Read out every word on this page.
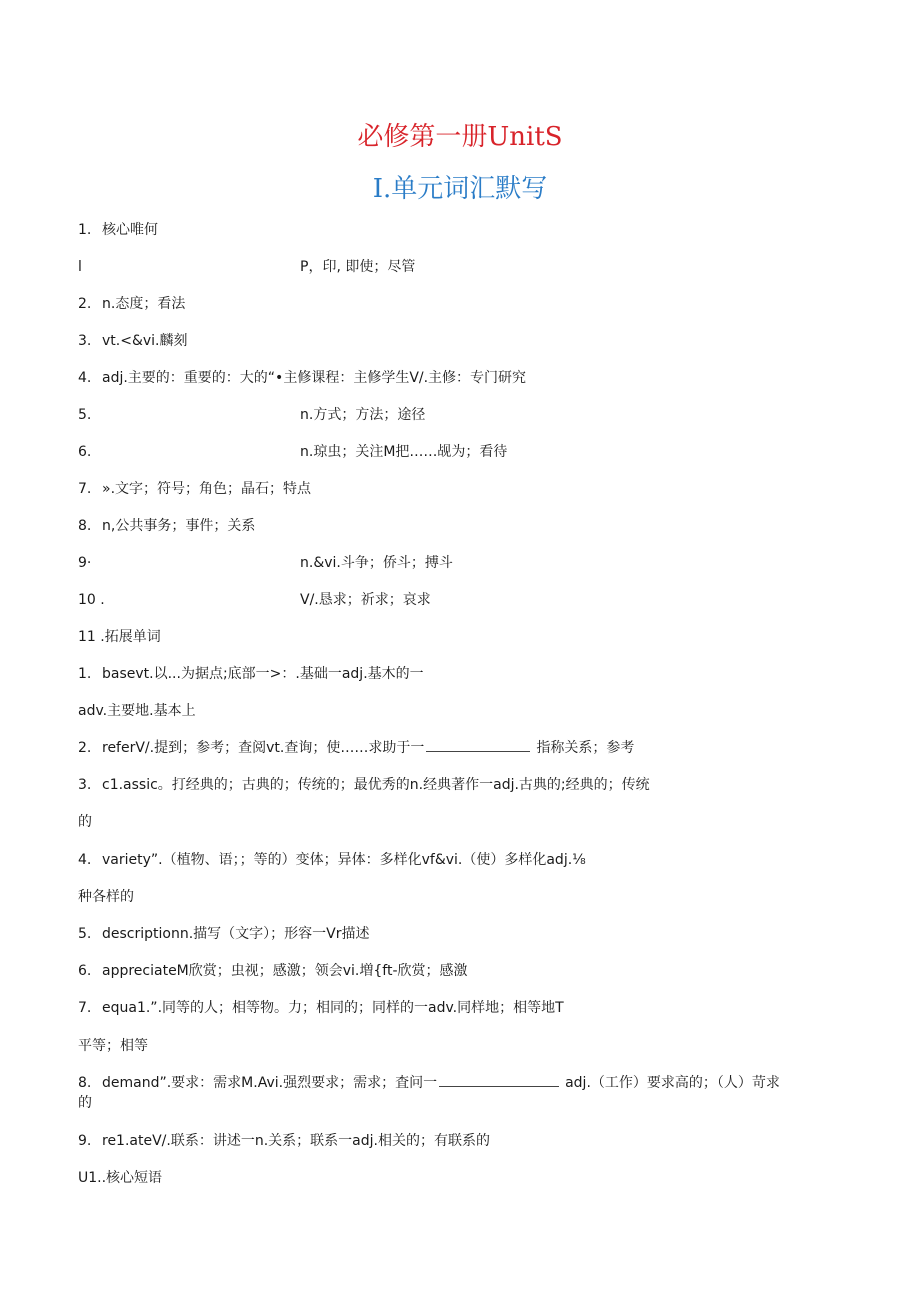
必修第一册UnitS
I.单元词汇默写
1. 核心唯何
l	P，印, 即使；尽管
2. n.态度；看法
3. vt.<&vi.麟刻
4. adj.主要的：重要的：大的“•主修课程：主修学生V/.主修：专门研究
5.	n.方式；方法；途径
6.	n.琼虫；关注M把……觇为；看待
7. ».文字；符号；角色；晶石；特点
8. n,公共事务；事件；关系
9·	n.&vi.斗争；侨斗；搏斗
10 .	V/.恳求；祈求；哀求
11 .拓展单词
1. basevt.以...为据点;底部一>：.基础一adj.基木的一
adv.主要地.基本上
2. referV/.提到；参考；查阅vt.查询；使……求助于一	指称关系；参考
3. c1.assic。打经典的；古典的；传统的；最优秀的n.经典著作一adj.古典的;经典的；传统
的
4. variety”.（植物、语；；等的）变体；异体：多样化vf&vi.（使）多样化adj.⅛
种各样的
5. descriptionn.描写（文字）；形容一Vr描述
6. appreciateM欣赏；虫视；感激；领会vi.増{ft-欣赏；感激
7. equa1.”.同等的人；相等物。力；相同的；同样的一adv.同样地；相等地T
平等；相等
8. demand”.要求：需求M.Avi.强烈要求；需求；査问一	adj.（工作）要求高的；（人）苛求
的
9. re1.ateV/.联系：讲述一n.关系；联系一adj.相关的；有联系的
U1..核心短语
